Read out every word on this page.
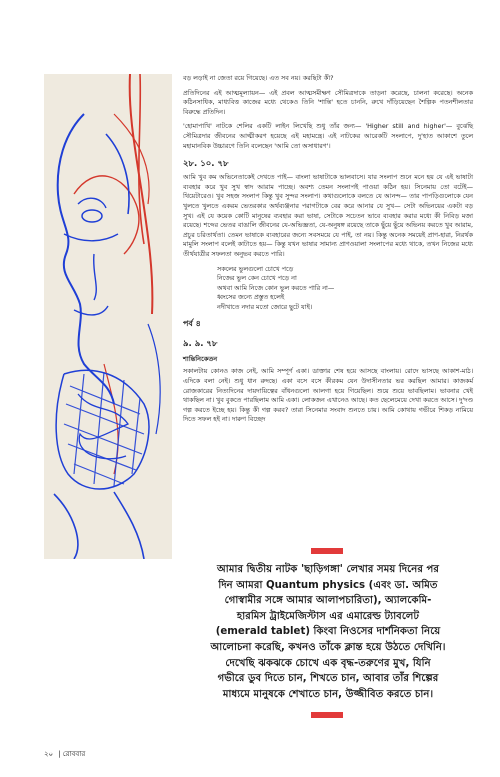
বড় লড়াই না জেতা রয়ে গিয়েছে। এত সব নয়। করছিটা কী?

প্রতিদিনের এই আত্মমূল্যায়ন— এই প্রবল আত্মসমীক্ষণ সৌমিত্রদাকে তাড়না করেছে, চালনা করেছে। অনেক কঠিনসাধিক, মাধ্যবিত্ত কাজের মধ্যে থেকেও তিনি 'শান্তি' হতে চাননি, রুখে দাঁড়িয়েছেন শৈল্পিক পতনশীলতার বিরুদ্ধে প্রতিদিন।

'হোমাপাখি' নাটকে শেলির একটি লাইন লিখেছি শুধু তাঁর জন্য— 'Higher still and higher'— বুঝেছি সৌমিত্রদার জীবনের আত্মীকরণ হয়েছে এই মহামন্ত্রে। এই নাটকের আরেকটি সংলাপে, দু'হাত আকাশে তুলে মহামানবিক উচ্চারণে তিনি বলেছেন 'আমি তো অসাধারণ'।

২৮. ১০. ৭৮

আমি খুব কম অভিনেতাকেই দেখতে পাই— বাংলা ভাষাটাকে ভালবাসে। যার সংলাপ শুনে মনে হয় যে এই ভাষাটা ব্যবহার করে খুব সুখ স্বাদ আরাম পাচ্ছে। অবশ্য তেমন সংলাপই পাওয়া কঠিন হয়। সিনেমায় তো বটেই— থিয়েটারেও। খুব সহজ সংলাপ কিন্তু খুব সুন্দর সংলাপ। কথাগুলোকে বলতে যে আনন্দ— তার পাপড়িগুলোকে যেন খুলতে খুলতে একরম ভেতরকার অর্থব্যঞ্জনার পরাগটাকে বের করে আনার যে সুখ— সেটা অভিনয়ের একটা বড় সুখ। এই যে কয়েক কোটি মানুষের ব্যবহার করা ভাষা, সেটাকে সচেতন ভাবে ব্যবহার করার মধ্যে কী নিবিড় মজা রয়েছে। শব্দের ভেতর বাঙালি জীবনের যে-অভিজ্ঞতা, যে-অনুষঙ্গ রয়েছে তাকে ছুঁয়ে ছুঁয়ে অভিনয় করতে খুব আরাম, প্রচুর চরিতার্থতা। তেমন ভাষাকে ব্যবহারের জন্যে সবসময়ে যে পাই, তা নয়। কিন্তু অনেক সময়েই প্রাণ-হারা, নিরর্থক মামুলি সংলাপ বলেই কাটাতে হয়— কিন্তু যখন ভাষার সামান্য প্রাণওয়ালা সংলাপের মধ্যে থাকে, তখন নিজের মধ্যে তীর্থযাত্রীর সফলতা অনুভব করতে পারি।

সকলের ভুলগুলো চোখে পড়ে
নিজের ভুল কেন চোখে পড়ে না
অথবা আমি নিজে কোন ভুল করতে পারি না—
ধ্বংসের জন্যে প্রস্তুত হলেই
নদীখাতে নদার মতো জোরে ছুটে যাই।
পর্ব ৪
৯. ৯. ৭৮
শান্তিনিকেতন

সকালটায় কোনও কাজ নেই, আমি সম্পূর্ণ একা। ডাক্তার শেষ হয়ে আসছে বাংলায়। রোদে ভাসছে আকাশ-মাঠ। এদিকে বলা নেই। শুধু ধান রুদছে। একা বসে বসে কীরকম যেন উদাসীনতার ভর করছিল আমার। কাজকর্ম রোজকারের নিত্যদিনের দায়দায়িত্বের বাঁধনগুলো আলগা হয়ে গিয়েছিল। শুয়ে শুয়ে ভাবছিলাম। ভাবনার খেই থাকছিল না। খুব বুকতে পারছিলাম আমি একা। লোকজন এখানেও আছে। কত ছেলেমেয়ে দেখা করতে আসে। দু'দণ্ড গল্প করতে ইচ্ছে হয়। কিন্তু কী গল্প করব? তারা সিনেমার সংবাদ শুনতে চায়। আমি কোথায় গভীরে শিকড় নামিয়ে দিতে সফল হই না। দারুণ বিচ্ছেদ

আমার দ্বিতীয় নাটক 'ছাড়িগঙ্গা' লেখার সময় দিনের পর
দিন আমরা Quantum physics (এবং ডা. অমিত
গোস্বামীর সঙ্গে আমার আলাপচারিতা), অ্যালকেমি-
হারমিস ট্রাইমেজিস্টাস এর এমারেল্ড ট্যাবলেট
(emerald tablet) কিংবা নিওসের দার্শনিকতা নিয়ে
আলোচনা করেছি, কখনও তাঁকে ক্লান্ত হয়ে উঠতে দেখিনি।
দেখেছি ঝকঝকে চোখে এক বৃদ্ধ-তরুণের মুখ, যিনি
গভীরে ডুব দিতে চান, শিখতে চান, আবার তাঁর শিল্পের
মাধ্যমে মানুষকে শেখাতে চান, উজ্জীবিত করতে চান।
২০ | রোববার
